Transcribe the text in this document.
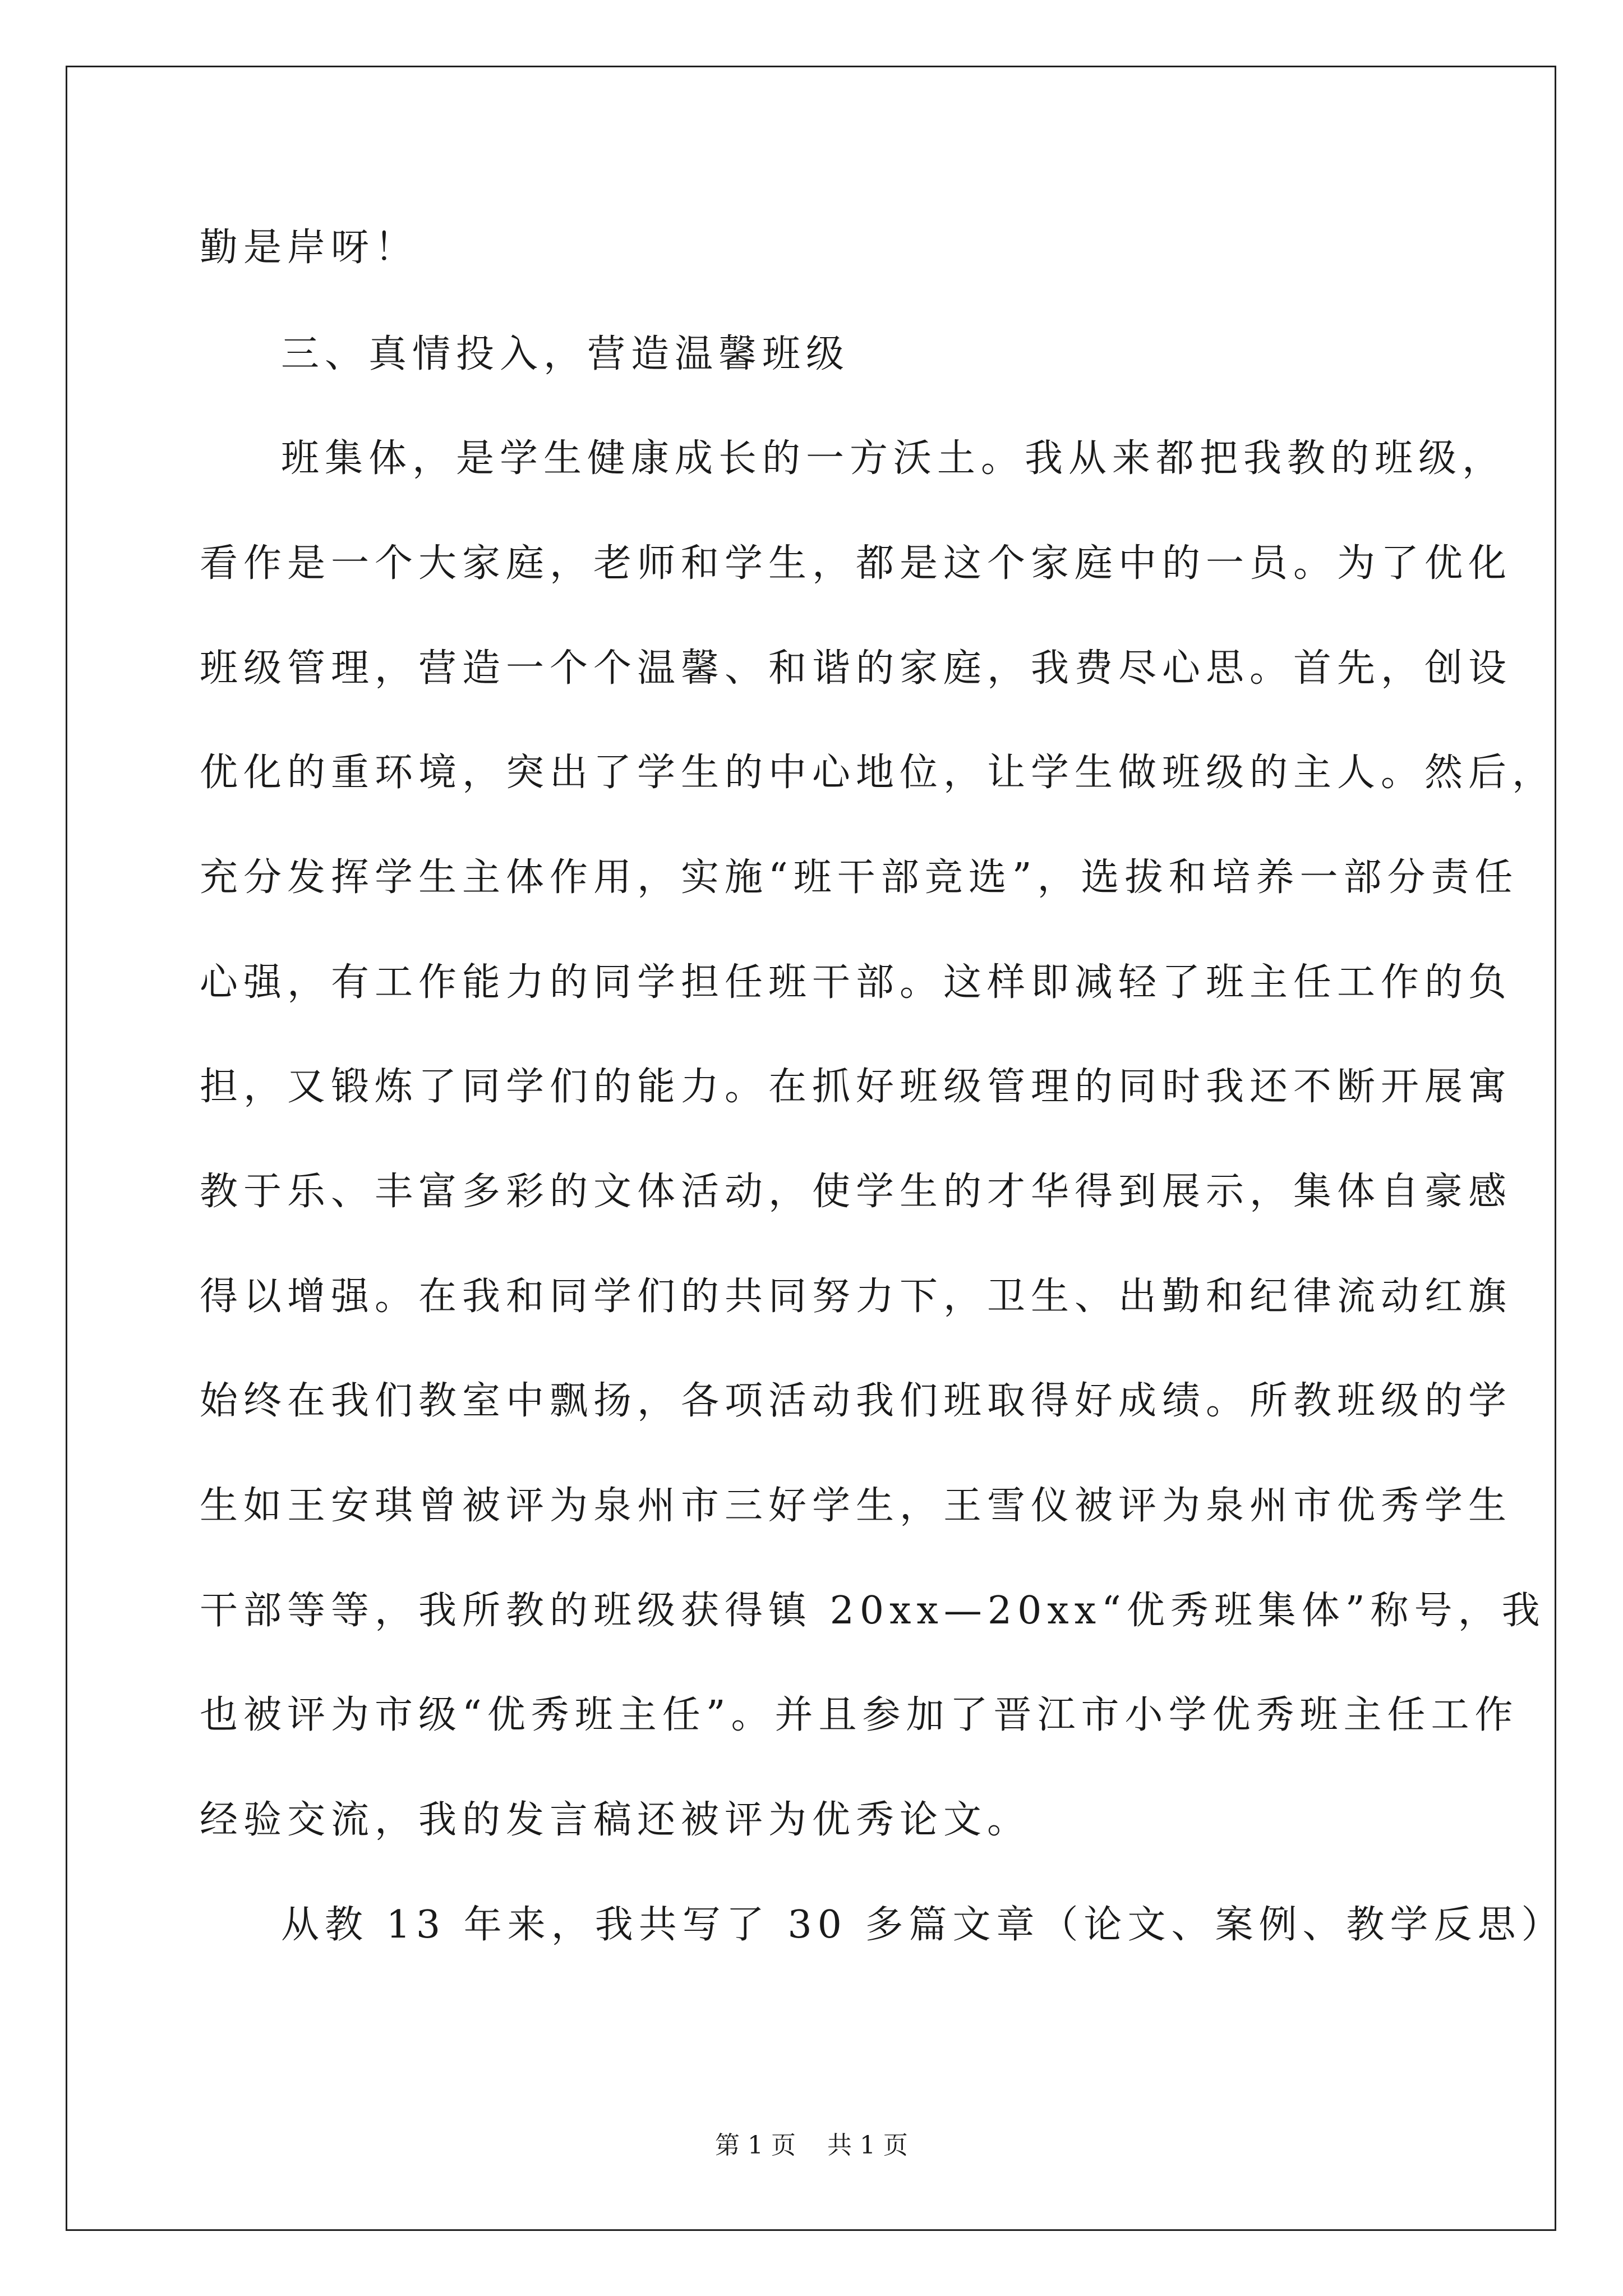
勤是岸呀！
三、真情投入，营造温馨班级
班集体，是学生健康成长的一方沃土。我从来都把我教的班级，
看作是一个大家庭，老师和学生，都是这个家庭中的一员。为了优化
班级管理，营造一个个温馨、和谐的家庭，我费尽心思。首先，创设
优化的重环境，突出了学生的中心地位，让学生做班级的主人。然后，
充分发挥学生主体作用，实施“班干部竞选”，选拔和培养一部分责任
心强，有工作能力的同学担任班干部。这样即减轻了班主任工作的负
担，又锻炼了同学们的能力。在抓好班级管理的同时我还不断开展寓
教于乐、丰富多彩的文体活动，使学生的才华得到展示，集体自豪感
得以增强。在我和同学们的共同努力下，卫生、出勤和纪律流动红旗
始终在我们教室中飘扬，各项活动我们班取得好成绩。所教班级的学
生如王安琪曾被评为泉州市三好学生，王雪仪被评为泉州市优秀学生
干部等等，我所教的班级获得镇 20xx—20xx“优秀班集体”称号，我
也被评为市级“优秀班主任”。并且参加了晋江市小学优秀班主任工作
经验交流，我的发言稿还被评为优秀论文。
从教 13 年来，我共写了 30 多篇文章（论文、案例、教学反思）
第 1 页    共 1 页
